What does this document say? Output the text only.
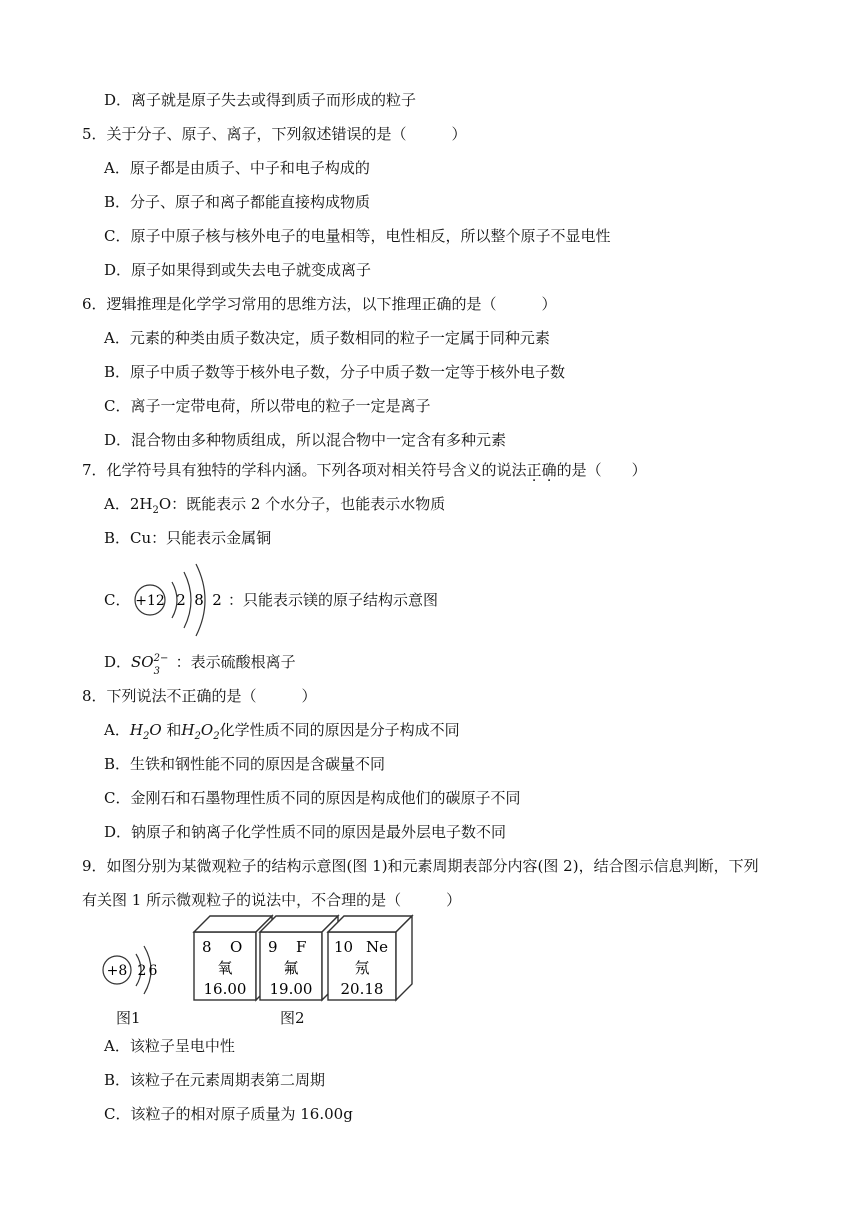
D．离子就是原子失去或得到质子而形成的粒子
5．关于分子、原子、离子，下列叙述错误的是（　　　）
A．原子都是由质子、中子和电子构成的
B．分子、原子和离子都能直接构成物质
C．原子中原子核与核外电子的电量相等，电性相反，所以整个原子不显电性
D．原子如果得到或失去电子就变成离子
6．逻辑推理是化学学习常用的思维方法，以下推理正确的是（　　　）
A．元素的种类由质子数决定，质子数相同的粒子一定属于同种元素
B．原子中质子数等于核外电子数，分子中质子数一定等于核外电子数
C．离子一定带电荷，所以带电的粒子一定是离子
D．混合物由多种物质组成，所以混合物中一定含有多种元素
7．化学符号具有独特的学科内涵。下列各项对相关符号含义的说法正确的是（　　）
A．$2H_2O$：既能表示 2 个水分子，也能表示水物质
B．Cu：只能表示金属铜
C． +12 2 8 2 ：只能表示镁的原子结构示意图
D．SO 2−
3
：表示硫酸根离子
8．下列说法不正确的是（　　　）
A．$H_2O$ 和$H_2O_2$化学性质不同的原因是分子构成不同
B．生铁和钢性能不同的原因是含碳量不同
C．金刚石和石墨物理性质不同的原因是构成他们的碳原子不同
D．钠原子和钠离子化学性质不同的原因是最外层电子数不同
9．如图分别为某微观粒子的结构示意图(图 1)和元素周期表部分内容(图 2)，结合图示信息判断，下列
有关图 1 所示微观粒子的说法中，不合理的是（　　　）
+8 2 6
图1
8 O
氧
16.00
9 F
氟
19.00
10 Ne
氖
20.18
图2
A．该粒子呈电中性
B．该粒子在元素周期表第二周期
C．该粒子的相对原子质量为 16.00g
